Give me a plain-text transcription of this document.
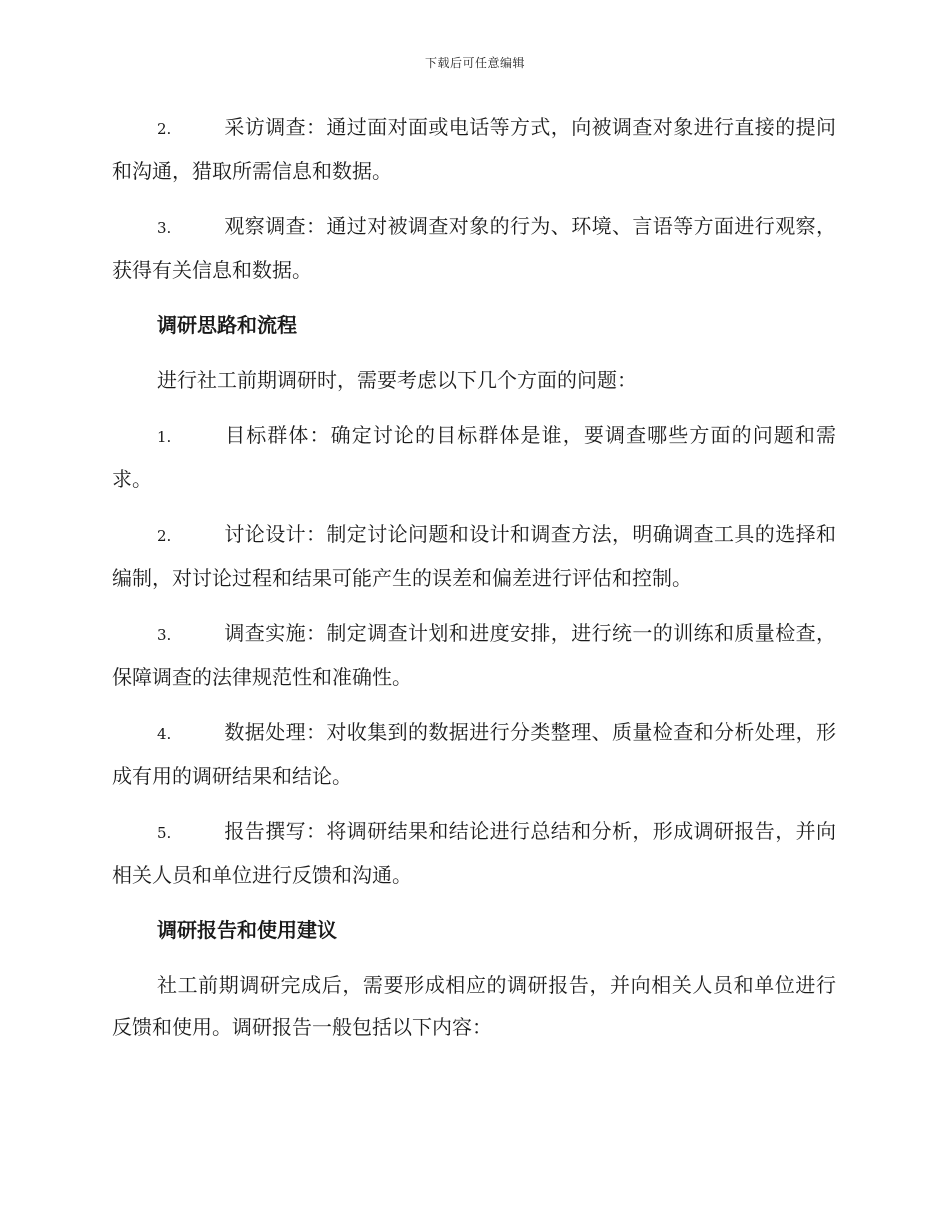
下载后可任意编辑

2.	采访调查：通过面对面或电话等方式，向被调查对象进行直接的提问和沟通，猎取所需信息和数据。

3.	观察调查：通过对被调查对象的行为、环境、言语等方面进行观察，获得有关信息和数据。

调研思路和流程

进行社工前期调研时，需要考虑以下几个方面的问题：

1.	目标群体：确定讨论的目标群体是谁，要调查哪些方面的问题和需求。

2.	讨论设计：制定讨论问题和设计和调查方法，明确调查工具的选择和编制，对讨论过程和结果可能产生的误差和偏差进行评估和控制。

3.	调查实施：制定调查计划和进度安排，进行统一的训练和质量检查，保障调查的法律规范性和准确性。

4.	数据处理：对收集到的数据进行分类整理、质量检查和分析处理，形成有用的调研结果和结论。

5.	报告撰写：将调研结果和结论进行总结和分析，形成调研报告，并向相关人员和单位进行反馈和沟通。

调研报告和使用建议

社工前期调研完成后，需要形成相应的调研报告，并向相关人员和单位进行反馈和使用。调研报告一般包括以下内容：
